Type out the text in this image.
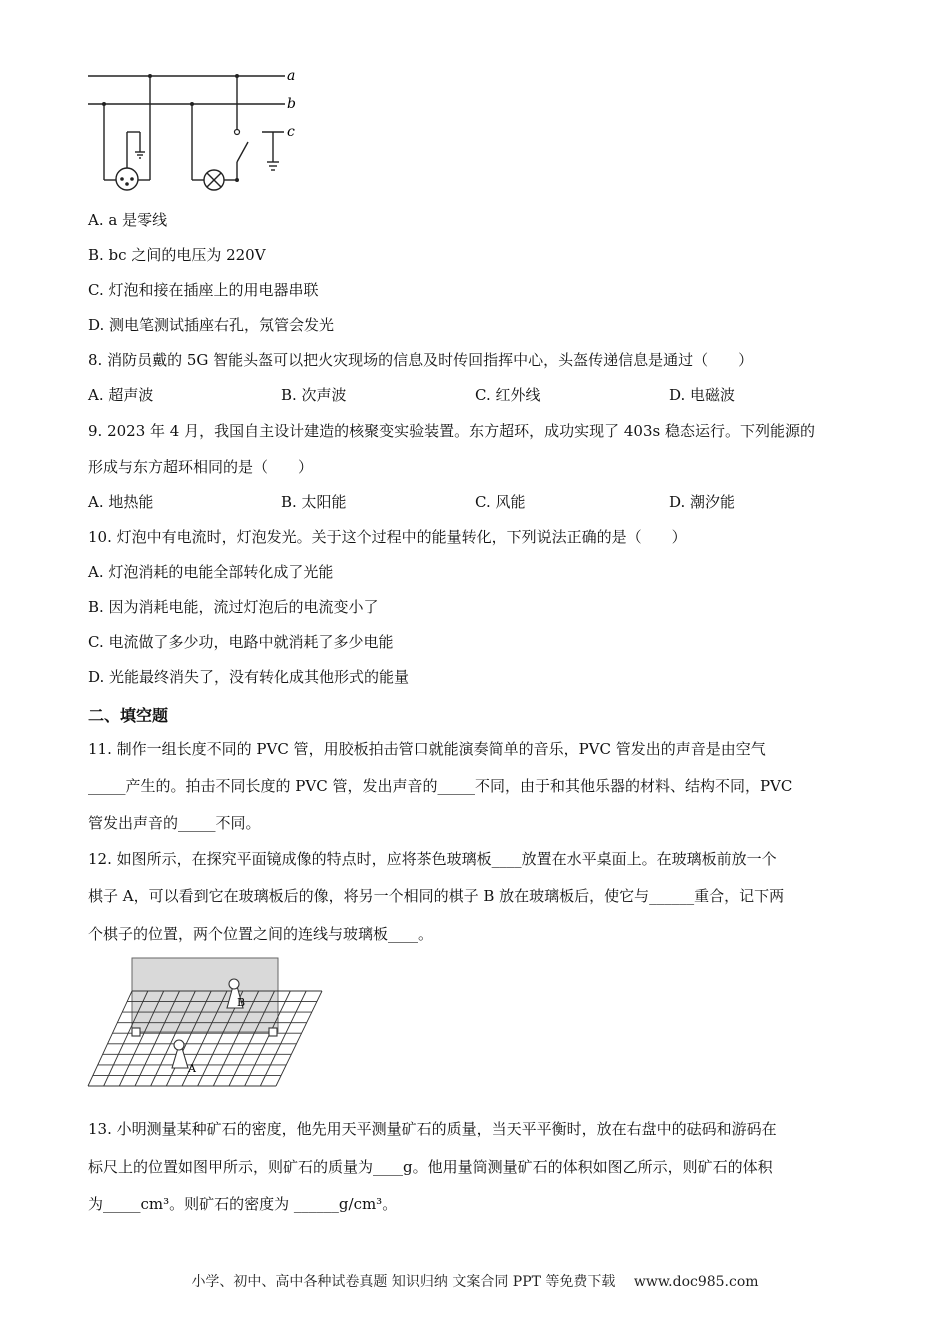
a
b
c
A. a 是零线
B. bc 之间的电压为 220V
C. 灯泡和接在插座上的用电器串联
D. 测电笔测试插座右孔，氖管会发光
8. 消防员戴的 5G 智能头盔可以把火灾现场的信息及时传回指挥中心，头盔传递信息是通过（　　）
A. 超声波	B. 次声波	C. 红外线	D. 电磁波
9. 2023 年 4 月，我国自主设计建造的核聚变实验装置。东方超环，成功实现了 403s 稳态运行。下列能源的
形成与东方超环相同的是（　　）
A. 地热能	B. 太阳能	C. 风能	D. 潮汐能
10. 灯泡中有电流时，灯泡发光。关于这个过程中的能量转化，下列说法正确的是（　　）
A. 灯泡消耗的电能全部转化成了光能
B. 因为消耗电能，流过灯泡后的电流变小了
C. 电流做了多少功，电路中就消耗了多少电能
D. 光能最终消失了，没有转化成其他形式的能量
二、填空题
11. 制作一组长度不同的 PVC 管，用胶板拍击管口就能演奏简单的音乐，PVC 管发出的声音是由空气
_____产生的。拍击不同长度的 PVC 管，发出声音的_____不同，由于和其他乐器的材料、结构不同，PVC
管发出声音的_____不同。
12. 如图所示，在探究平面镜成像的特点时，应将茶色玻璃板____放置在水平桌面上。在玻璃板前放一个
棋子 A，可以看到它在玻璃板后的像，将另一个相同的棋子 B 放在玻璃板后，使它与______重合，记下两
个棋子的位置，两个位置之间的连线与玻璃板____。
B
A
13. 小明测量某种矿石的密度，他先用天平测量矿石的质量，当天平平衡时，放在右盘中的砝码和游码在
标尺上的位置如图甲所示，则矿石的质量为____g。他用量筒测量矿石的体积如图乙所示，则矿石的体积
为_____cm³。则矿石的密度为 ______g/cm³。
小学、初中、高中各种试卷真题 知识归纳 文案合同 PPT 等免费下载　 www.doc985.com
